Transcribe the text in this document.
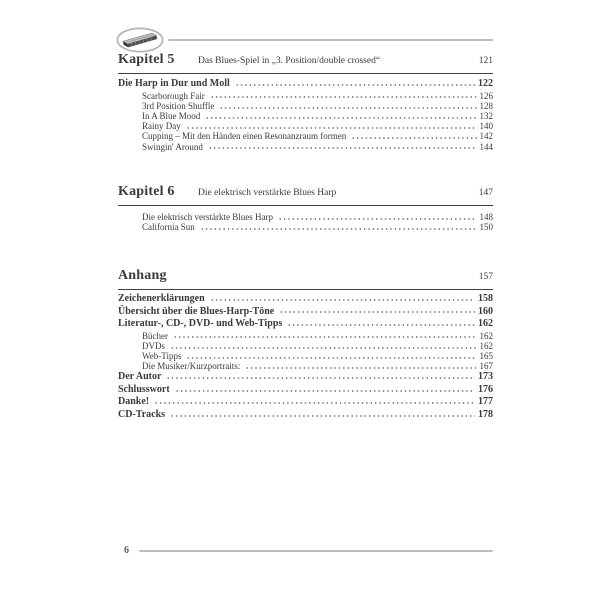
Kapitel 5	Das Blues-Spiel in „3. Position/double crossed“	121
Die Harp in Dur und Moll	122
Scarborough Fair	126
3rd Position Shuffle	128
In A Blue Mood	132
Rainy Day	140
Cupping – Mit den Händen einen Resonanzraum formen	142
Swingin' Around	144
Kapitel 6	Die elektrisch verstärkte Blues Harp	147
Die elektrisch verstärkte Blues Harp	148
California Sun	150
Anhang	157
Zeichenerklärungen	158
Übersicht über die Blues-Harp-Töne	160
Literatur-, CD-, DVD- und Web-Tipps	162
Bücher	162
DVDs	162
Web-Tipps	165
Die Musiker/Kurzportraits:	167
Der Autor	173
Schlusswort	176
Danke!	177
CD-Tracks	178
6
